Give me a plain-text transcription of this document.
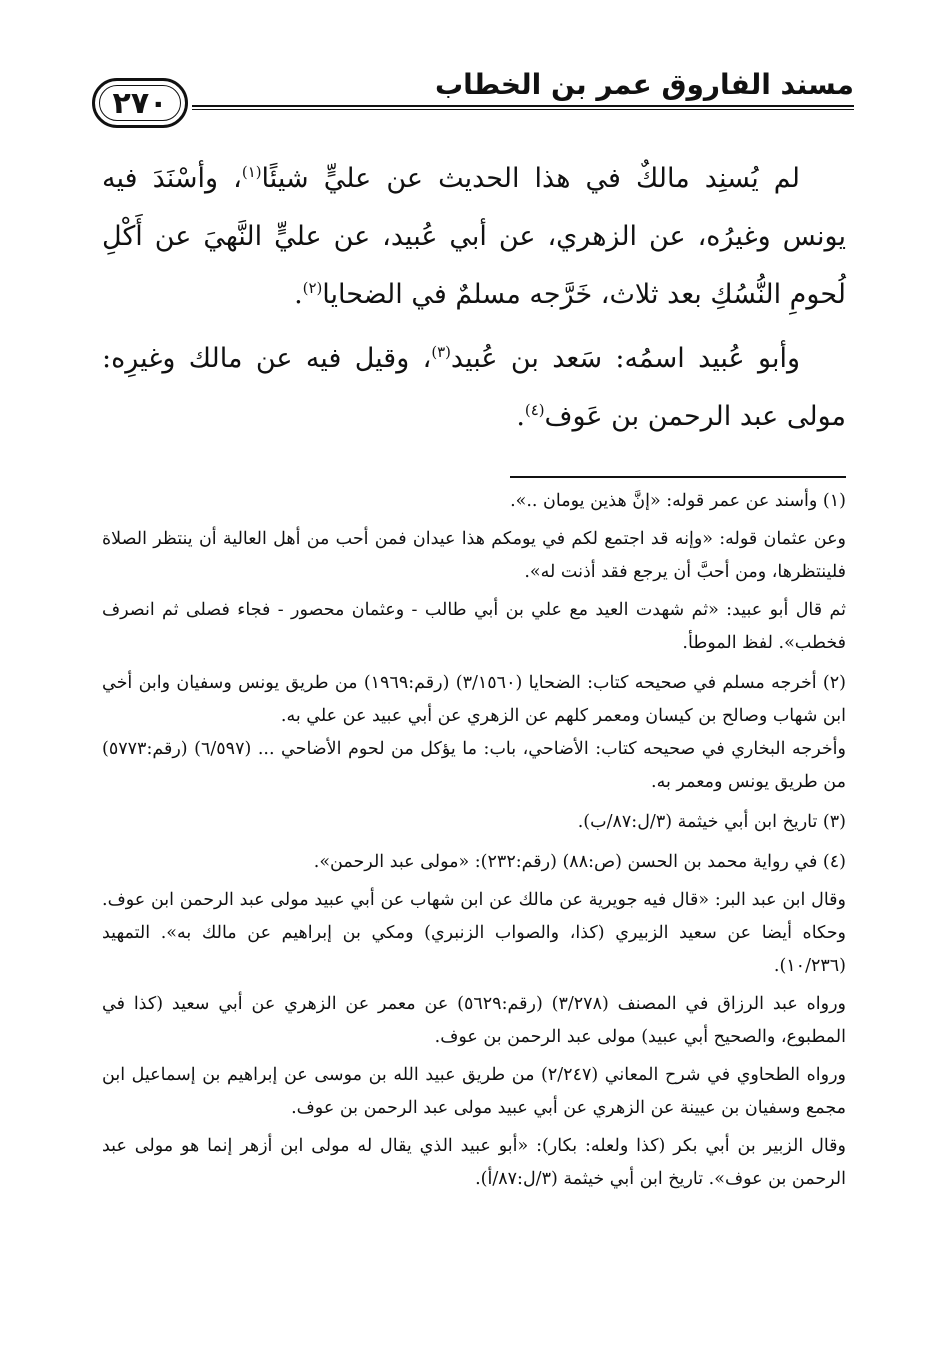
مسند الفاروق عمر بن الخطاب
٢٧٠

لم يُسنِد مالكٌ في هذا الحديث عن عليٍّ شيئًا$^{(١)}$، وأسْنَدَ فيه يونس وغيرُه، عن الزهري، عن أبي عُبيد، عن عليٍّ النَّهيَ عن أَكْلِ لُحومِ النُّسُكِ بعد ثلاث، خَرَّجه مسلمٌ في الضحايا$^{(٢)}$.

وأبو عُبيد اسمُه: سَعد بن عُبيد$^{(٣)}$، وقيل فيه عن مالك وغيرِه: مولى عبد الرحمن بن عَوف$^{(٤)}$.

(١) وأسند عن عمر قوله: «إنَّ هذين يومان ..».

وعن عثمان قوله: «وإنه قد اجتمع لكم في يومكم هذا عيدان فمن أحب من أهل العالية أن ينتظر الصلاة فلينتظرها، ومن أحبَّ أن يرجع فقد أذنت له».

ثم قال أبو عبيد: «ثم شهدت العيد مع علي بن أبي طالب - وعثمان محصور - فجاء فصلى ثم انصرف فخطب». لفظ الموطأ.

(٢) أخرجه مسلم في صحيحه كتاب: الضحايا (٣/١٥٦٠) (رقم:١٩٦٩) من طريق يونس وسفيان وابن أخي ابن شهاب وصالح بن كيسان ومعمر كلهم عن الزهري عن أبي عبيد عن علي به.

وأخرجه البخاري في صحيحه كتاب: الأضاحي، باب: ما يؤكل من لحوم الأضاحي ... (٦/٥٩٧) (رقم:٥٧٧٣) من طريق يونس ومعمر به.

(٣) تاريخ ابن أبي خيثمة (٣/ل:٨٧/ب).

(٤) في رواية محمد بن الحسن (ص:٨٨) (رقم:٢٣٢): «مولى عبد الرحمن».

وقال ابن عبد البر: «قال فيه جويرية عن مالك عن ابن شهاب عن أبي عبيد مولى عبد الرحمن ابن عوف. وحكاه أيضا عن سعيد الزبيري (كذا، والصواب الزنبري) ومكي بن إبراهيم عن مالك به». التمهيد (١٠/٢٣٦).

ورواه عبد الرزاق في المصنف (٣/٢٧٨) (رقم:٥٦٢٩) عن معمر عن الزهري عن أبي سعيد (كذا في المطبوع، والصحيح أبي عبيد) مولى عبد الرحمن بن عوف.

ورواه الطحاوي في شرح المعاني (٢/٢٤٧) من طريق عبيد الله بن موسى عن إبراهيم بن إسماعيل ابن مجمع وسفيان بن عيينة عن الزهري عن أبي عبيد مولى عبد الرحمن بن عوف.

وقال الزبير بن أبي بكر (كذا ولعله: بكار): «أبو عبيد الذي يقال له مولى ابن أزهر إنما هو مولى عبد الرحمن بن عوف». تاريخ ابن أبي خيثمة (٣/ل:٨٧/أ).
